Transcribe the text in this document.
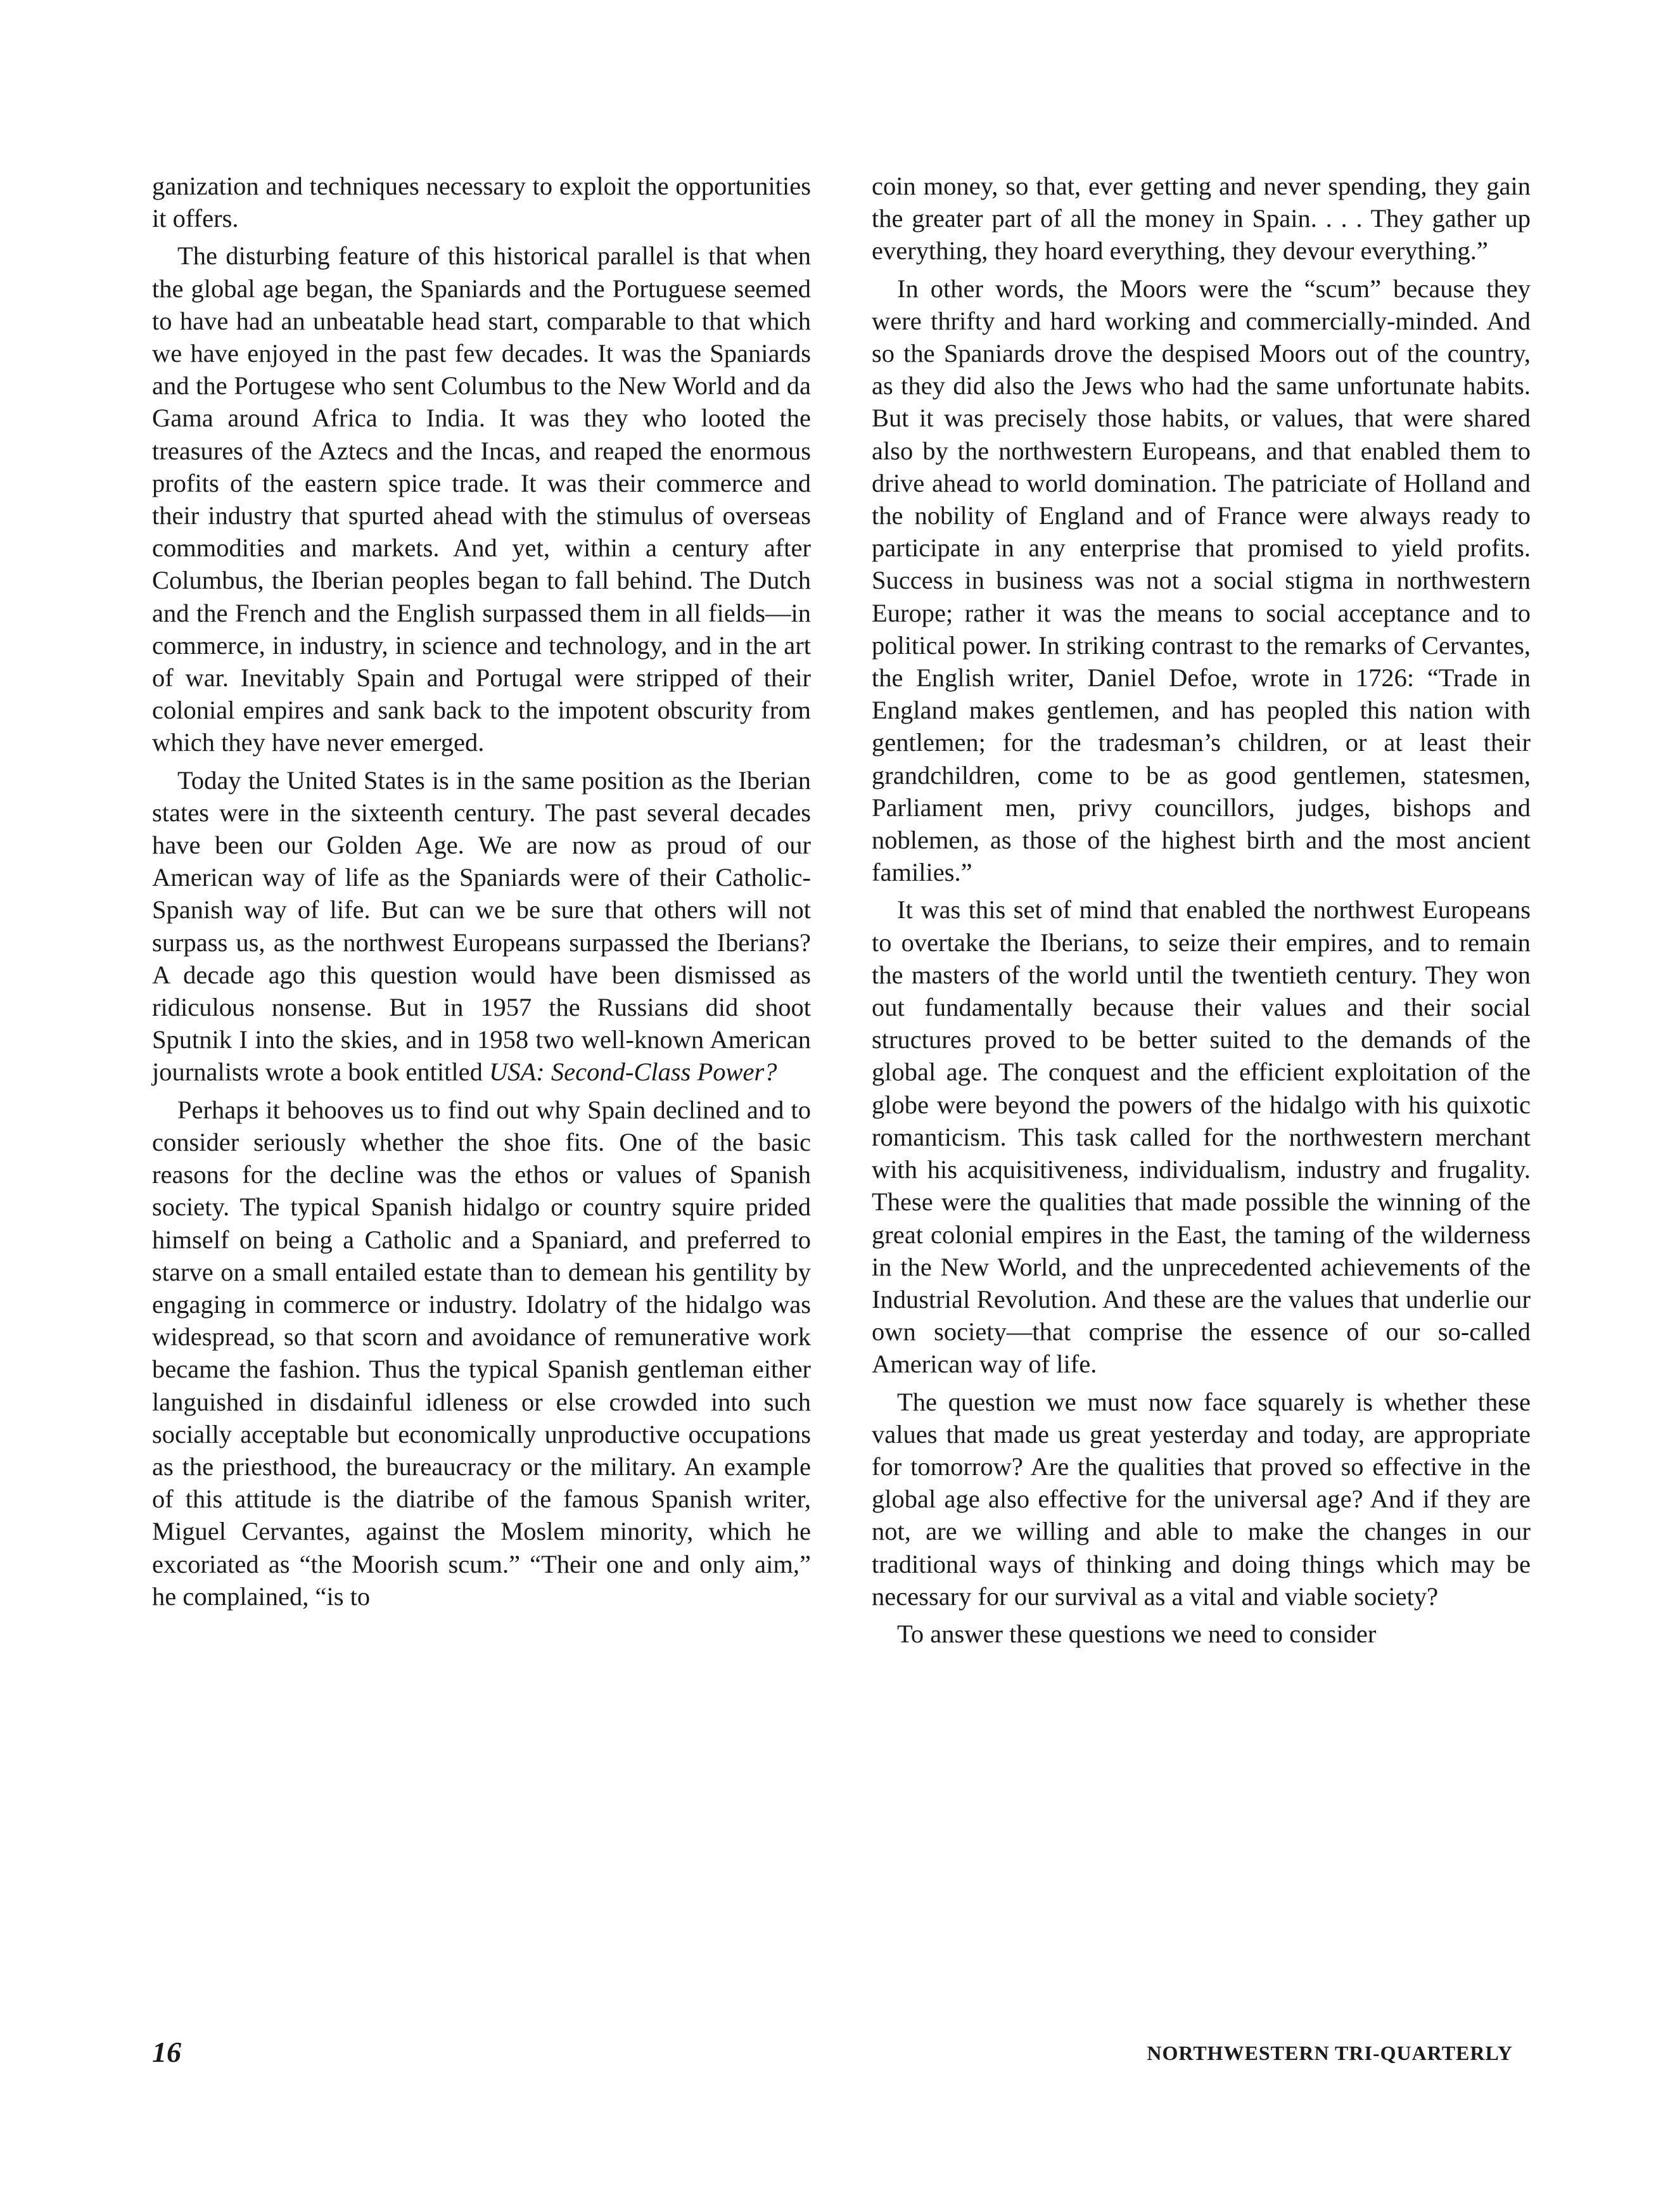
ganization and techniques necessary to exploit the opportunities it offers.

The disturbing feature of this historical parallel is that when the global age began, the Spaniards and the Portuguese seemed to have had an unbeatable head start, comparable to that which we have enjoyed in the past few decades. It was the Spaniards and the Portugese who sent Columbus to the New World and da Gama around Africa to India. It was they who looted the treasures of the Aztecs and the Incas, and reaped the enormous profits of the eastern spice trade. It was their commerce and their industry that spurted ahead with the stimulus of overseas commodities and markets. And yet, within a century after Columbus, the Iberian peoples began to fall behind. The Dutch and the French and the English surpassed them in all fields—in commerce, in industry, in science and technology, and in the art of war. Inevitably Spain and Portugal were stripped of their colonial empires and sank back to the impotent obscurity from which they have never emerged.

Today the United States is in the same position as the Iberian states were in the sixteenth century. The past several decades have been our Golden Age. We are now as proud of our American way of life as the Spaniards were of their Catholic-Spanish way of life. But can we be sure that others will not surpass us, as the northwest Europeans surpassed the Iberians? A decade ago this question would have been dismissed as ridiculous nonsense. But in 1957 the Russians did shoot Sputnik I into the skies, and in 1958 two well-known American journalists wrote a book entitled USA: Second-Class Power?

Perhaps it behooves us to find out why Spain declined and to consider seriously whether the shoe fits. One of the basic reasons for the decline was the ethos or values of Spanish society. The typical Spanish hidalgo or country squire prided himself on being a Catholic and a Spaniard, and preferred to starve on a small entailed estate than to demean his gentility by engaging in commerce or industry. Idolatry of the hidalgo was widespread, so that scorn and avoidance of remunerative work became the fashion. Thus the typical Spanish gentleman either languished in disdainful idleness or else crowded into such socially acceptable but economically unproductive occupations as the priesthood, the bureaucracy or the military. An example of this attitude is the diatribe of the famous Spanish writer, Miguel Cervantes, against the Moslem minority, which he excoriated as “the Moorish scum.” “Their one and only aim,” he complained, “is to

coin money, so that, ever getting and never spending, they gain the greater part of all the money in Spain. . . . They gather up everything, they hoard everything, they devour everything.”

In other words, the Moors were the “scum” because they were thrifty and hard working and commercially-minded. And so the Spaniards drove the despised Moors out of the country, as they did also the Jews who had the same unfortunate habits. But it was precisely those habits, or values, that were shared also by the northwestern Europeans, and that enabled them to drive ahead to world domination. The patriciate of Holland and the nobility of England and of France were always ready to participate in any enterprise that promised to yield profits. Success in business was not a social stigma in northwestern Europe; rather it was the means to social acceptance and to political power. In striking contrast to the remarks of Cervantes, the English writer, Daniel Defoe, wrote in 1726: “Trade in England makes gentlemen, and has peopled this nation with gentlemen; for the tradesman’s children, or at least their grandchildren, come to be as good gentlemen, statesmen, Parliament men, privy councillors, judges, bishops and noblemen, as those of the highest birth and the most ancient families.”

It was this set of mind that enabled the northwest Europeans to overtake the Iberians, to seize their empires, and to remain the masters of the world until the twentieth century. They won out fundamentally because their values and their social structures proved to be better suited to the demands of the global age. The conquest and the efficient exploitation of the globe were beyond the powers of the hidalgo with his quixotic romanticism. This task called for the northwestern merchant with his acquisitiveness, individualism, industry and frugality. These were the qualities that made possible the winning of the great colonial empires in the East, the taming of the wilderness in the New World, and the unprecedented achievements of the Industrial Revolution. And these are the values that underlie our own society—that comprise the essence of our so-called American way of life.

The question we must now face squarely is whether these values that made us great yesterday and today, are appropriate for tomorrow? Are the qualities that proved so effective in the global age also effective for the universal age? And if they are not, are we willing and able to make the changes in our traditional ways of thinking and doing things which may be necessary for our survival as a vital and viable society?

To answer these questions we need to consider

16	NORTHWESTERN TRI-QUARTERLY
